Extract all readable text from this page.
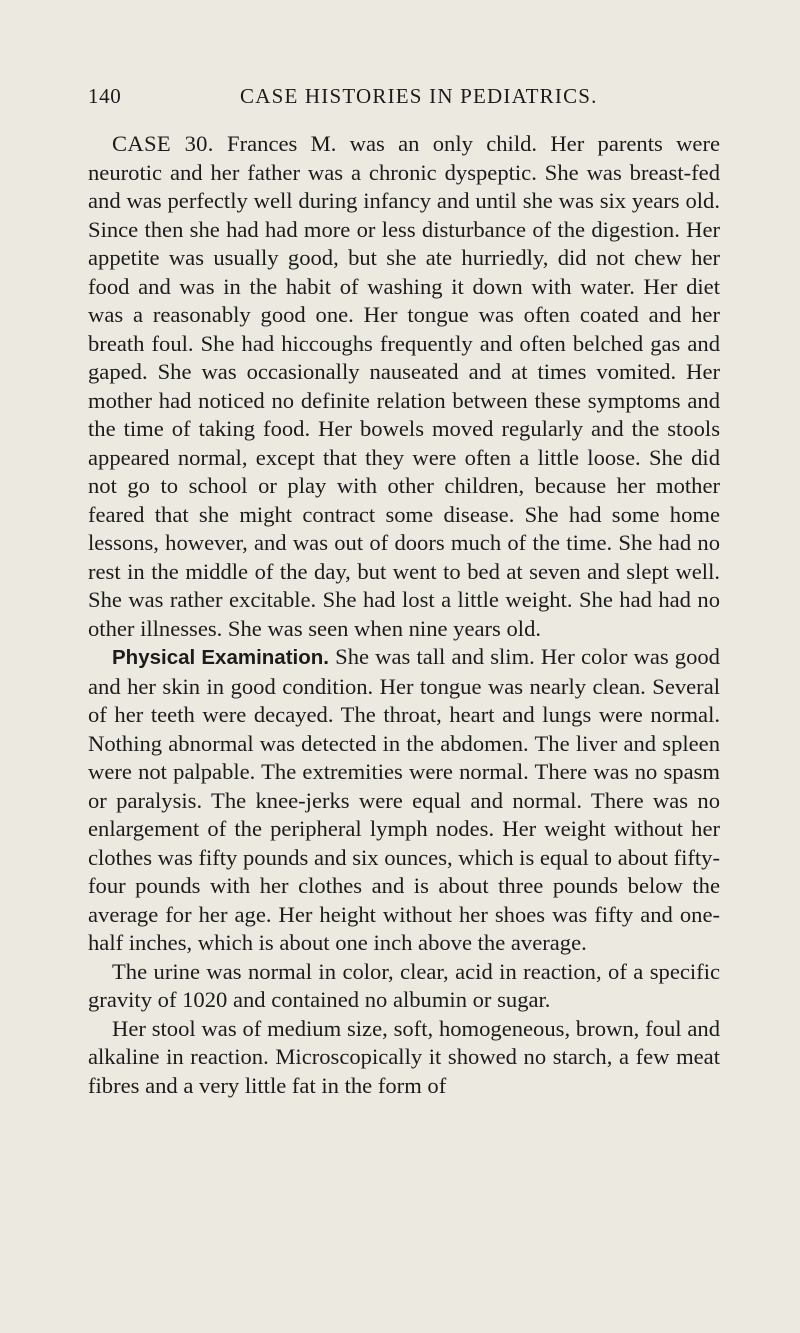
140	CASE HISTORIES IN PEDIATRICS.

CASE 30. Frances M. was an only child. Her parents were neurotic and her father was a chronic dyspeptic. She was breast-fed and was perfectly well during infancy and until she was six years old. Since then she had had more or less disturbance of the digestion. Her appetite was usually good, but she ate hurriedly, did not chew her food and was in the habit of washing it down with water. Her diet was a reasonably good one. Her tongue was often coated and her breath foul. She had hiccoughs frequently and often belched gas and gaped. She was occasionally nauseated and at times vomited. Her mother had noticed no definite relation between these symptoms and the time of taking food. Her bowels moved regularly and the stools appeared normal, except that they were often a little loose. She did not go to school or play with other children, because her mother feared that she might contract some disease. She had some home lessons, however, and was out of doors much of the time. She had no rest in the middle of the day, but went to bed at seven and slept well. She was rather excitable. She had lost a little weight. She had had no other illnesses. She was seen when nine years old.

Physical Examination. She was tall and slim. Her color was good and her skin in good condition. Her tongue was nearly clean. Several of her teeth were decayed. The throat, heart and lungs were normal. Nothing abnormal was detected in the abdomen. The liver and spleen were not palpable. The extremities were normal. There was no spasm or paralysis. The knee-jerks were equal and normal. There was no enlargement of the peripheral lymph nodes. Her weight without her clothes was fifty pounds and six ounces, which is equal to about fifty-four pounds with her clothes and is about three pounds below the average for her age. Her height without her shoes was fifty and one-half inches, which is about one inch above the average.

The urine was normal in color, clear, acid in reaction, of a specific gravity of 1020 and contained no albumin or sugar.

Her stool was of medium size, soft, homogeneous, brown, foul and alkaline in reaction. Microscopically it showed no starch, a few meat fibres and a very little fat in the form of
